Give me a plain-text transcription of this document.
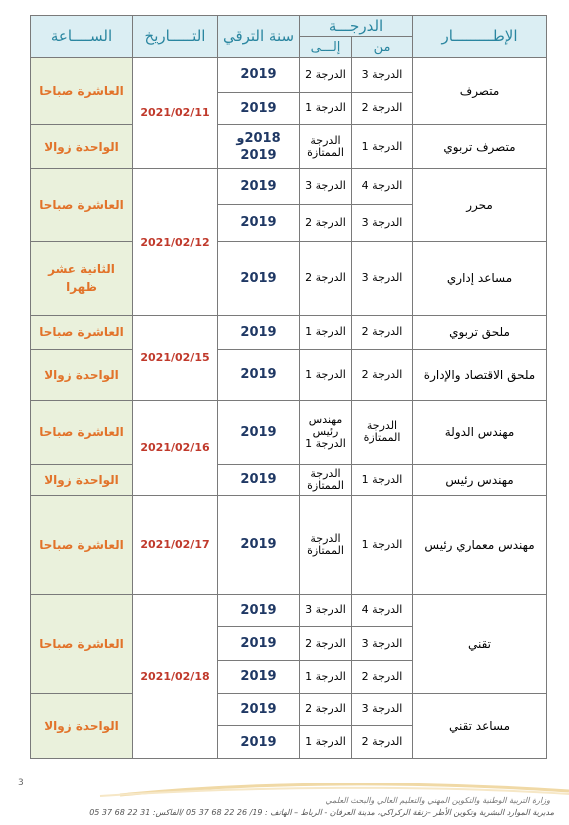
الإطـــــــــار	الدرجـــة		سنة الترقي	التـــــاريخ	الســــاعة
	من	إلـــى			
متصرف	الدرجة 3	الدرجة 2	2019	2021/02/11	العاشرة صباحا
	الدرجة 2	الدرجة 1	2019		
متصرف تربوي	الدرجة 1	الدرجة الممتازة	2018و 2019		الواحدة زوالا
محرر	الدرجة 4	الدرجة 3	2019	2021/02/12	العاشرة صباحا
	الدرجة 3	الدرجة 2	2019		
مساعد إداري	الدرجة 3	الدرجة 2	2019		الثانية عشر ظهرا
ملحق تربوي	الدرجة 2	الدرجة 1	2019	2021/02/15	العاشرة صباحا
ملحق الاقتصاد والإدارة	الدرجة 2	الدرجة 1	2019		الواحدة زوالا
مهندس الدولة	الدرجة الممتازة	مهندس رئيس الدرجة 1	2019	2021/02/16	العاشرة صباحا
مهندس رئيس	الدرجة 1	الدرجة الممتازة	2019		الواحدة زوالا
مهندس معماري رئيس	الدرجة 1	الدرجة الممتازة	2019	2021/02/17	العاشرة صباحا
تقني	الدرجة 4	الدرجة 3	2019	2021/02/18	العاشرة صباحا
	الدرجة 3	الدرجة 2	2019		
	الدرجة 2	الدرجة 1	2019		
مساعد تقني	الدرجة 3	الدرجة 2	2019		الواحدة زوالا
	الدرجة 2	الدرجة 1	2019		
3
وزارة التربية الوطنية والتكوين المهني والتعليم العالي والبحث العلمي
مديرية الموارد البشرية وتكوين الأطر –زنقة الركراكي، مدينة العرفان - الرباط – الهاتف : 19/ 26 22 68 37 05 /الفاكس: 31 22 68 37 05
